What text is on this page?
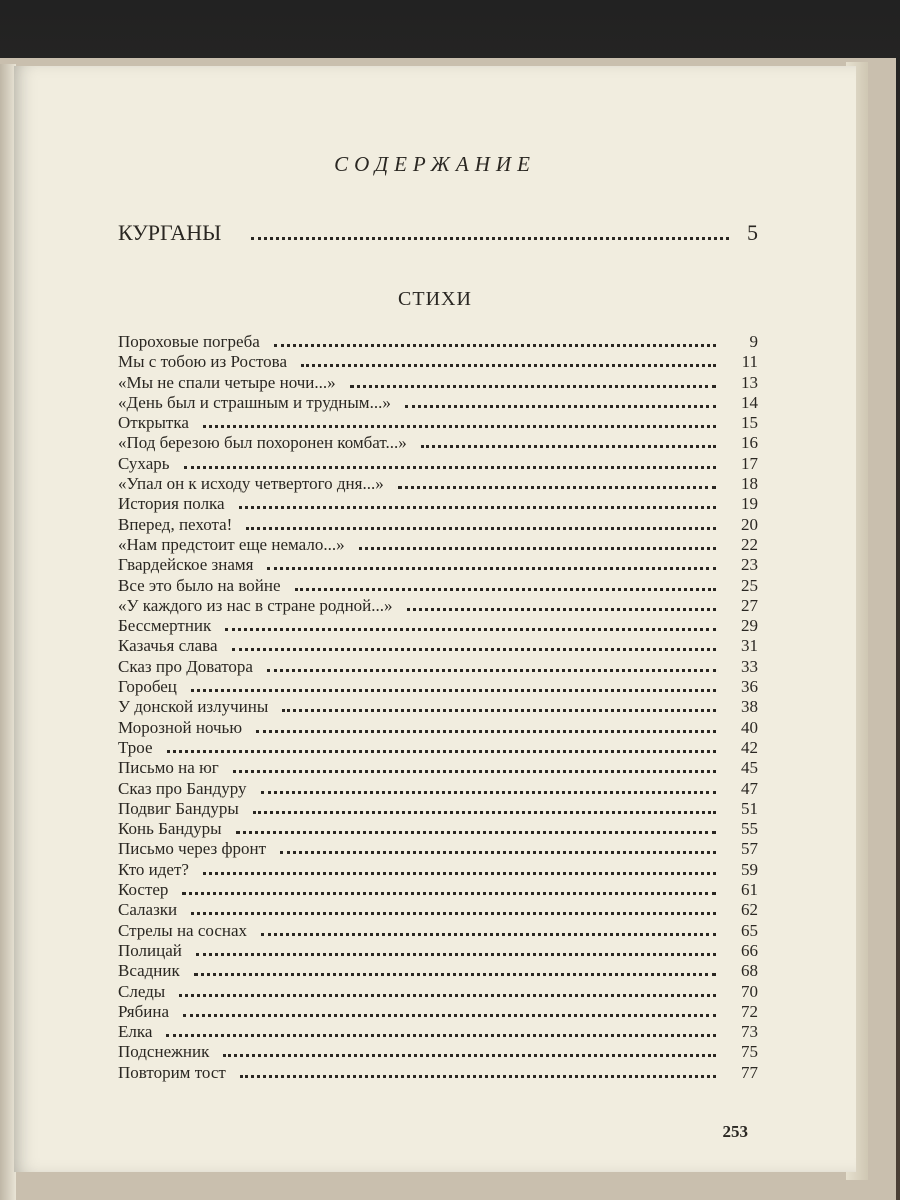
СОДЕРЖАНИЕ
КУРГАНЫ	5
СТИХИ
Пороховые погреба	9
Мы с тобою из Ростова	11
«Мы не спали четыре ночи...»	13
«День был и страшным и трудным...»	14
Открытка	15
«Под березою был похоронен комбат...»	16
Сухарь	17
«Упал он к исходу четвертого дня...»	18
История полка	19
Вперед, пехота!	20
«Нам предстоит еще немало...»	22
Гвардейское знамя	23
Все это было на войне	25
«У каждого из нас в стране родной...»	27
Бессмертник	29
Казачья слава	31
Сказ про Доватора	33
Горобец	36
У донской излучины	38
Морозной ночью	40
Трое	42
Письмо на юг	45
Сказ про Бандуру	47
Подвиг Бандуры	51
Конь Бандуры	55
Письмо через фронт	57
Кто идет?	59
Костер	61
Салазки	62
Стрелы на соснах	65
Полицай	66
Всадник	68
Следы	70
Рябина	72
Елка	73
Подснежник	75
Повторим тост	77
253
